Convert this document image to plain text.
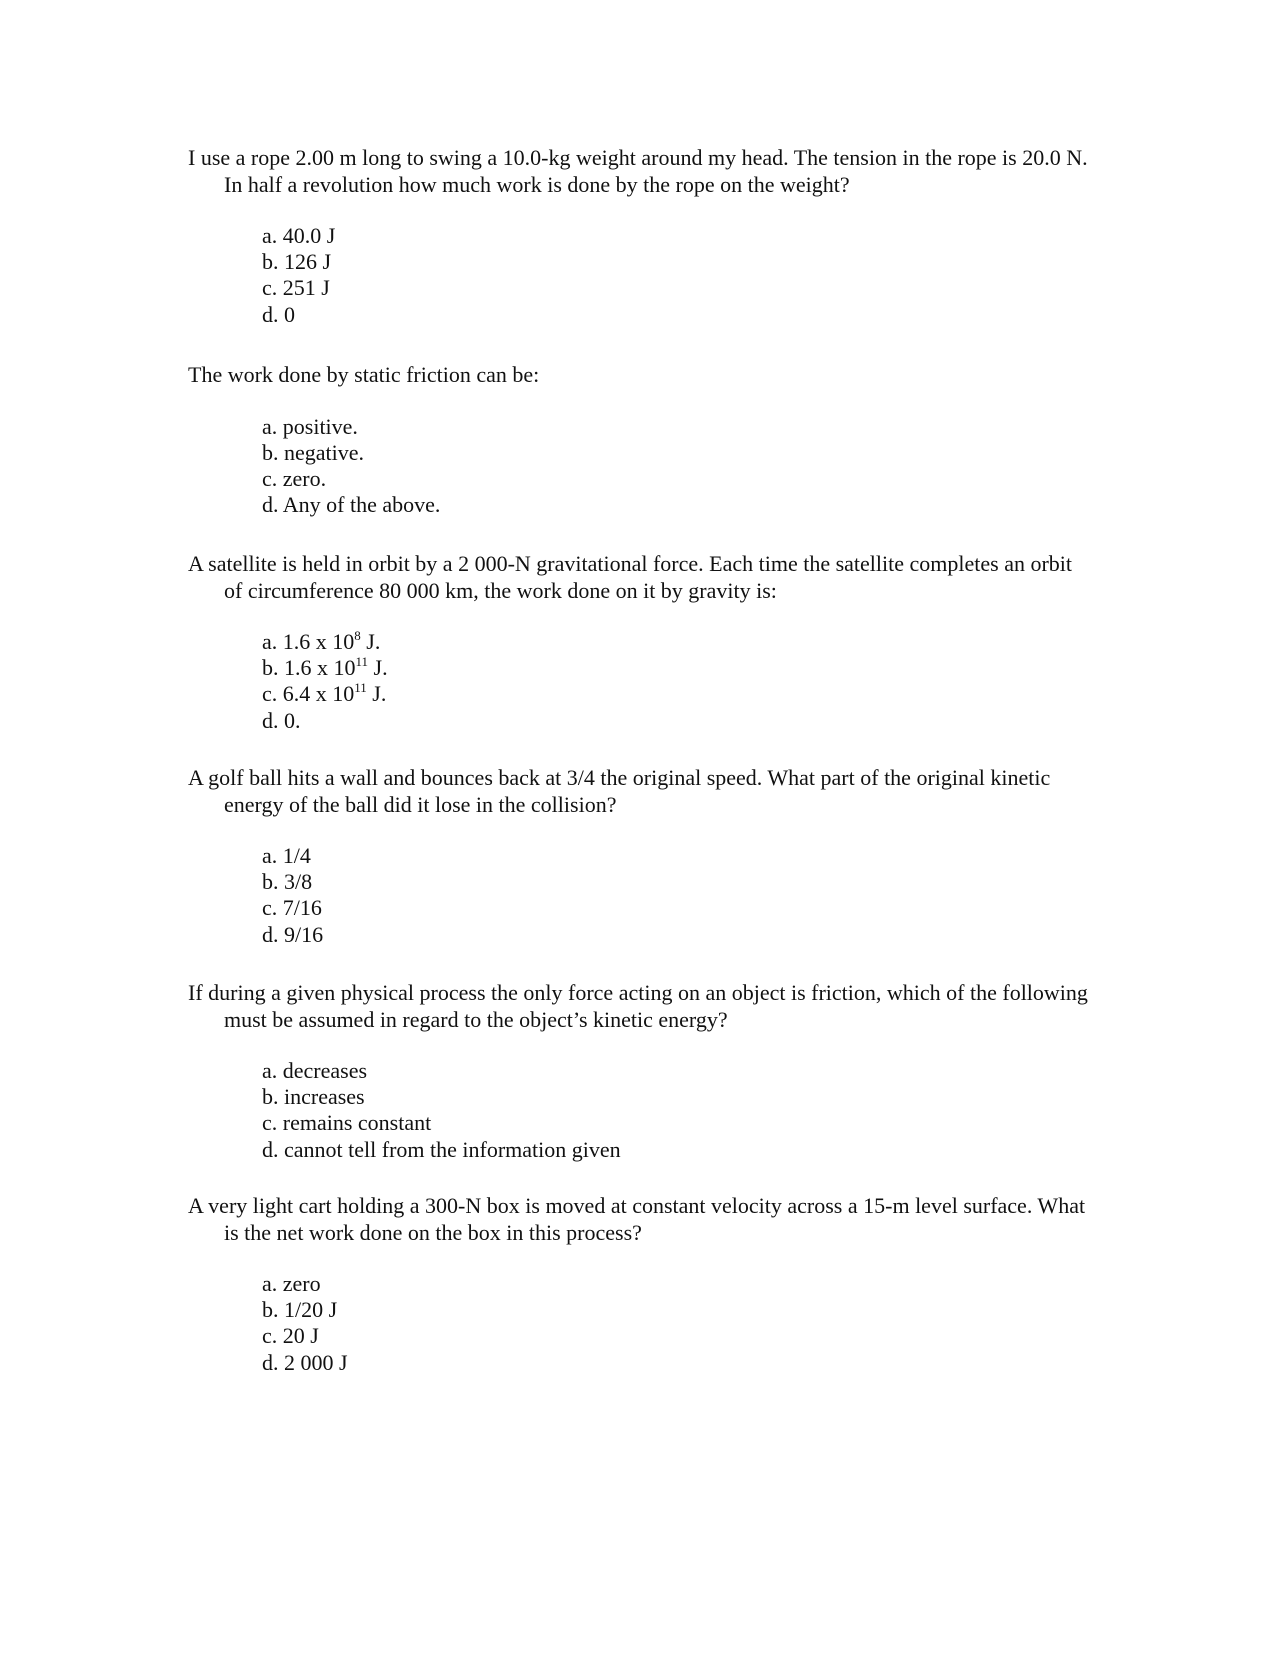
I use a rope 2.00 m long to swing a 10.0-kg weight around my head. The tension in the rope is 20.0 N. In half a revolution how much work is done by the rope on the weight?

a. 40.0 J
b. 126 J
c. 251 J
d. 0

The work done by static friction can be:

a. positive.
b. negative.
c. zero.
d. Any of the above.

A satellite is held in orbit by a 2 000-N gravitational force. Each time the satellite completes an orbit of circumference 80 000 km, the work done on it by gravity is:

a. 1.6 x $10^8$ J.
b. 1.6 x $10^{11}$ J.
c. 6.4 x $10^{11}$ J.
d. 0.

A golf ball hits a wall and bounces back at 3/4 the original speed. What part of the original kinetic energy of the ball did it lose in the collision?

a. 1/4
b. 3/8
c. 7/16
d. 9/16

If during a given physical process the only force acting on an object is friction, which of the following must be assumed in regard to the object’s kinetic energy?

a. decreases
b. increases
c. remains constant
d. cannot tell from the information given

A very light cart holding a 300-N box is moved at constant velocity across a 15-m level surface. What is the net work done on the box in this process?

a. zero
b. 1/20 J
c. 20 J
d. 2 000 J
